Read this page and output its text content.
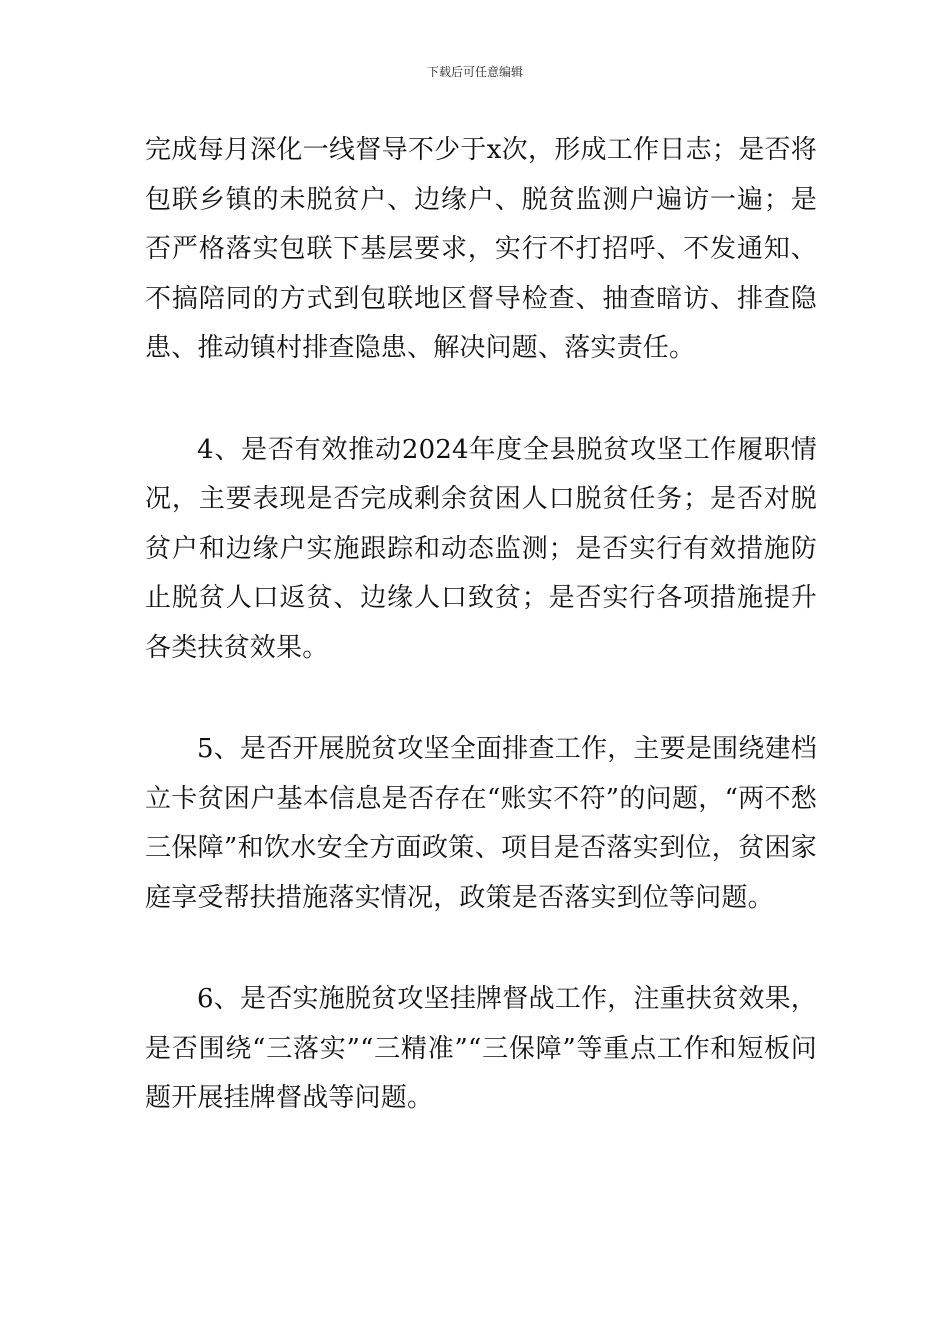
下载后可任意编辑

完成每月深化一线督导不少于x次，形成工作日志；是否将包联乡镇的未脱贫户、边缘户、脱贫监测户遍访一遍；是否严格落实包联下基层要求，实行不打招呼、不发通知、不搞陪同的方式到包联地区督导检查、抽查暗访、排查隐患、推动镇村排查隐患、解决问题、落实责任。

4、是否有效推动2024年度全县脱贫攻坚工作履职情况，主要表现是否完成剩余贫困人口脱贫任务；是否对脱贫户和边缘户实施跟踪和动态监测；是否实行有效措施防止脱贫人口返贫、边缘人口致贫；是否实行各项措施提升各类扶贫效果。

5、是否开展脱贫攻坚全面排查工作，主要是围绕建档立卡贫困户基本信息是否存在“账实不符”的问题，“两不愁三保障”和饮水安全方面政策、项目是否落实到位，贫困家庭享受帮扶措施落实情况，政策是否落实到位等问题。

6、是否实施脱贫攻坚挂牌督战工作，注重扶贫效果，是否围绕“三落实”“三精准”“三保障”等重点工作和短板问题开展挂牌督战等问题。
